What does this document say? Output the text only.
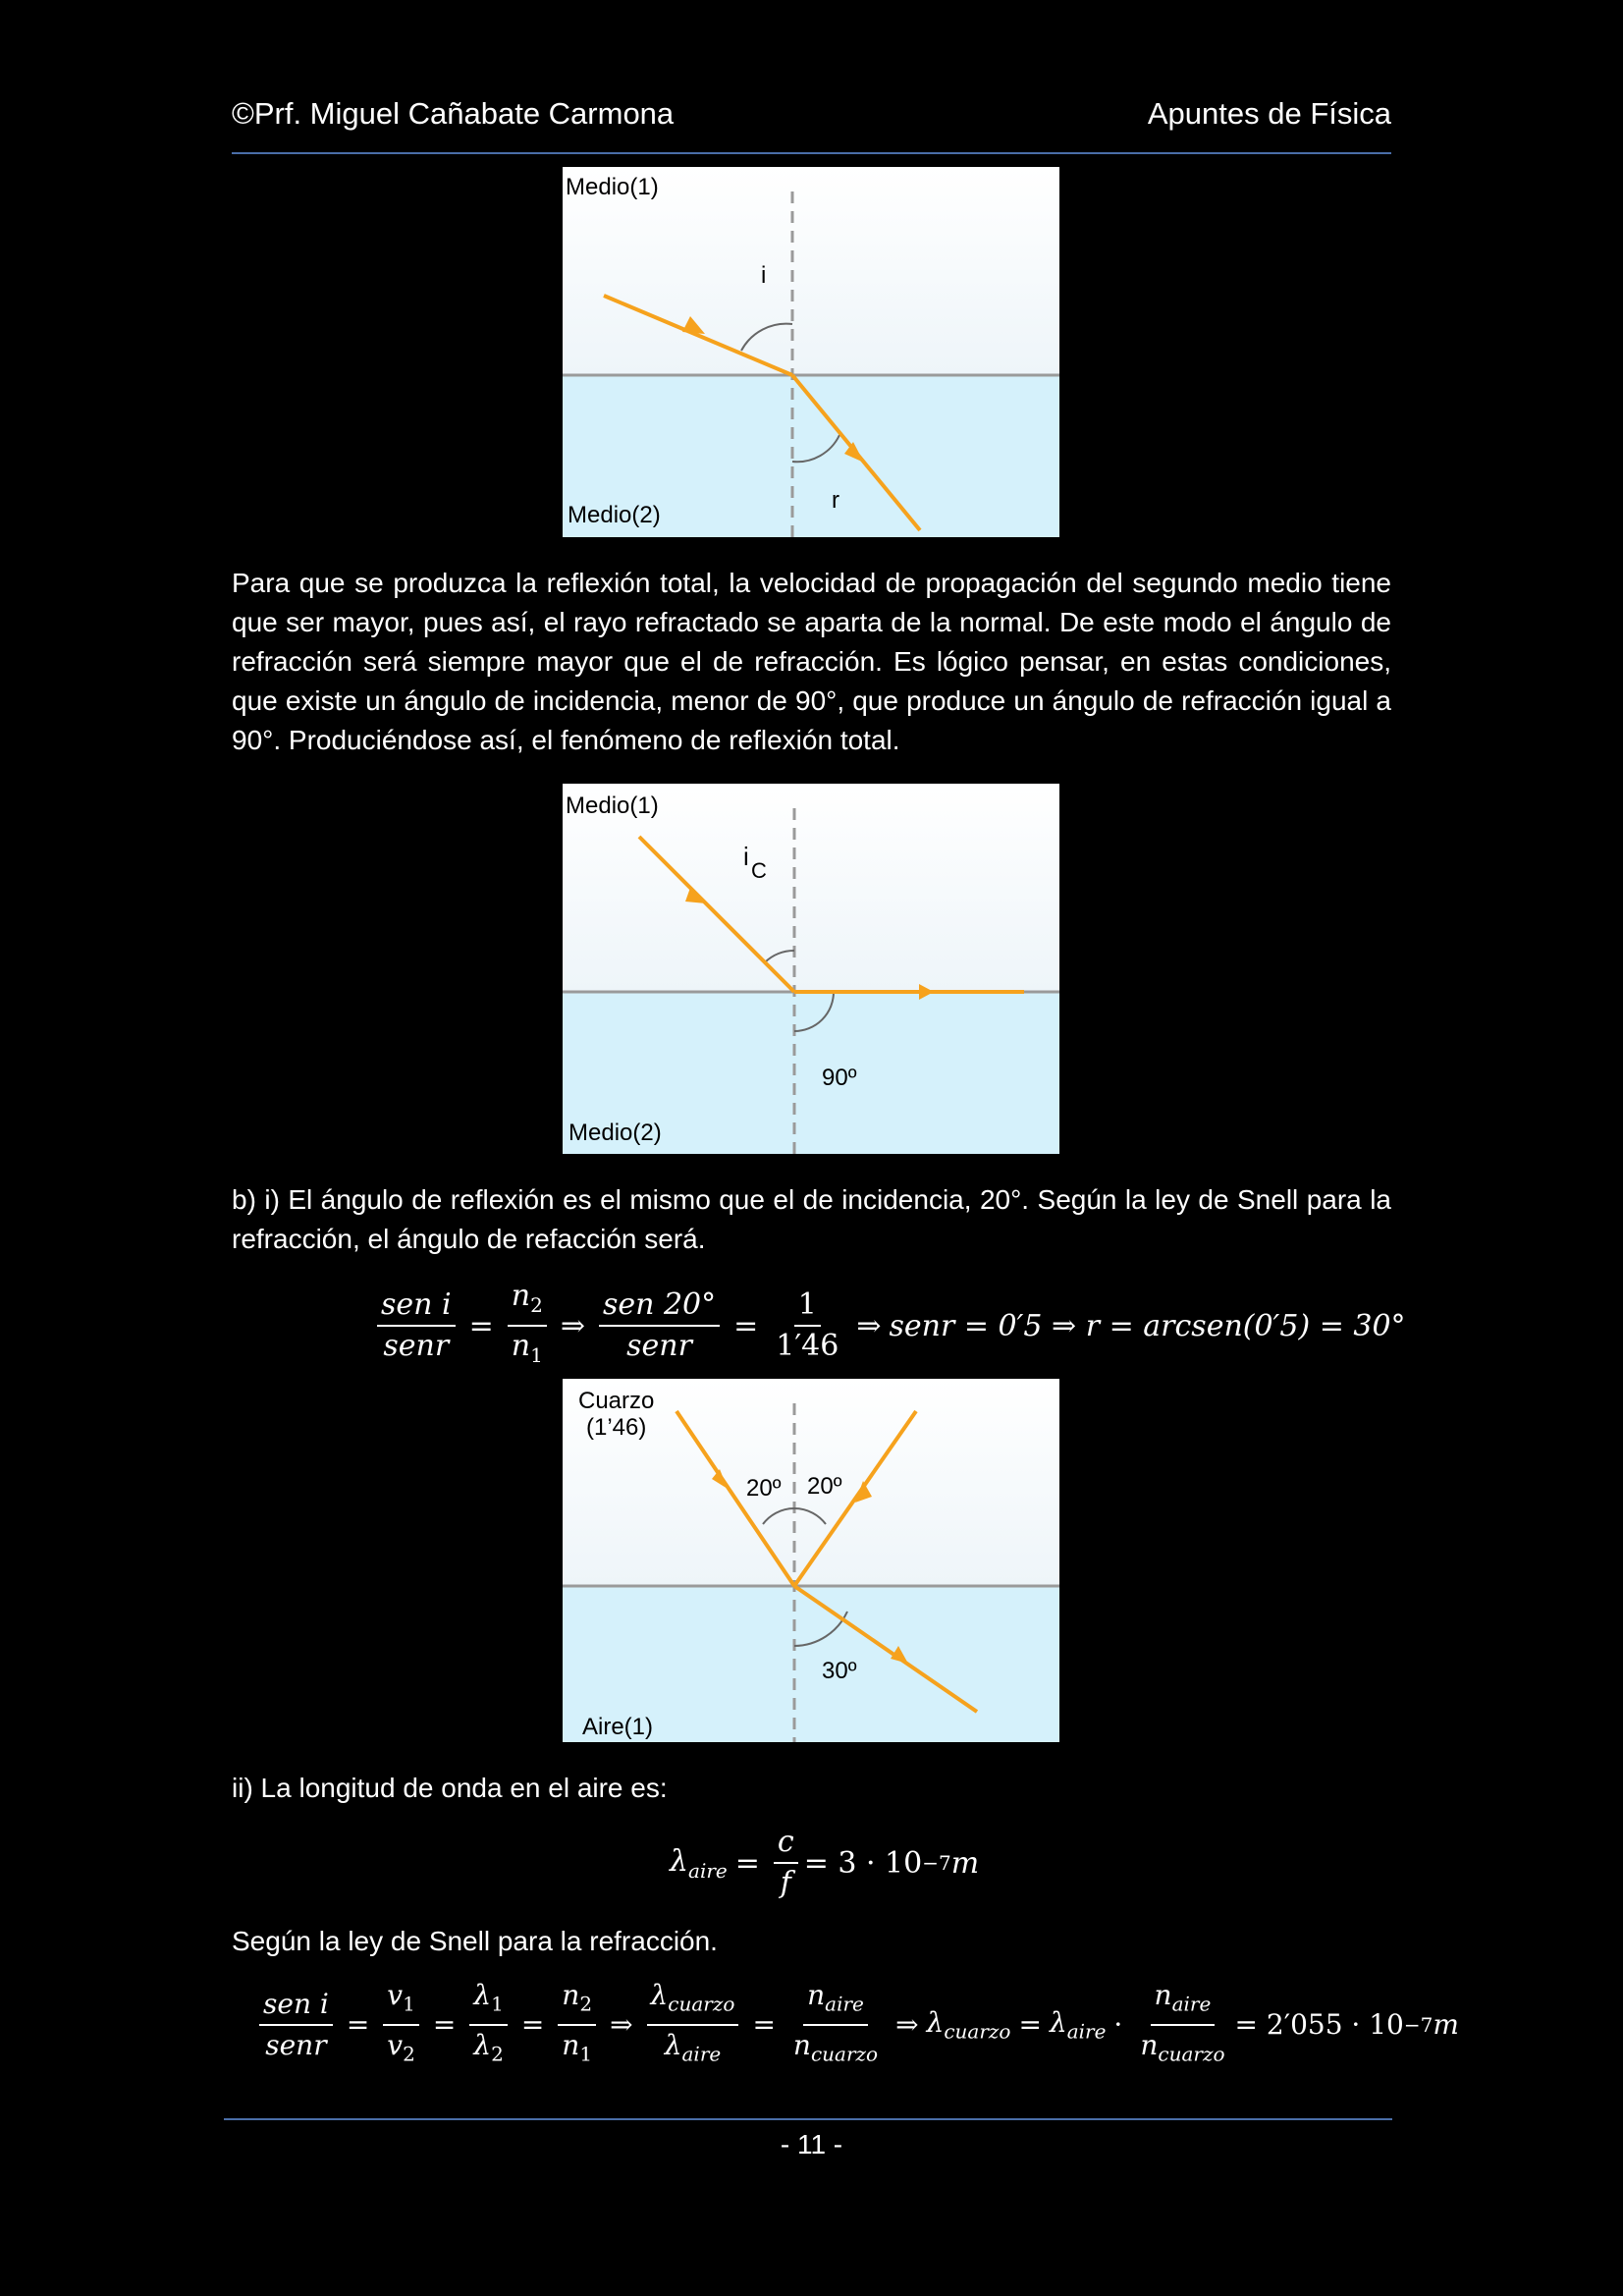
©Prf. Miguel Cañabate Carmona	Apuntes de Física
Medio(1)
Medio(2)
i
r
Para que se produzca la reflexión total, la velocidad de propagación del segundo medio tiene que ser mayor, pues así, el rayo refractado se aparta de la normal. De este modo el ángulo de refracción será siempre mayor que el de refracción. Es lógico pensar, en estas condiciones, que existe un ángulo de incidencia, menor de 90°, que produce un ángulo de refracción igual a 90°. Produciéndose así, el fenómeno de reflexión total.
Medio(1)
Medio(2)
i C
90º
b) i) El ángulo de reflexión es el mismo que el de incidencia, 20°. Según la ley de Snell para la refracción, el ángulo de refacción será.
$\frac{\text{sen i}}{\text{senr}} = \frac{n_2}{n_1}$ ⇒ $\frac{\text{sen 20°}}{\text{senr}} = \frac{1}{1'46}$ ⇒ senr = 0′5 ⇒ r = arcsen(0′5) = 30°
Cuarzo
(1’46)
Aire(1)
20º 20º
30º
ii) La longitud de onda en el aire es:
$\lambda_{aire} = \frac{c}{f} = 3 \cdot 10 -7$ m
Según la ley de Snell para la refracción.
$\frac{\text{sen i}}{\text{senr}} = \frac{v_1}{v_2} = \frac{\lambda_1}{\lambda_2} = \frac{n_2}{n_1}$ ⇒ $\frac{\lambda_{cuarzo}}{\lambda_{aire}} = \frac{n_{aire}}{n_{cuarzo}}$ ⇒ $\lambda_{cuarzo} = \lambda_{aire} \cdot \frac{n_{aire}}{n_{cuarzo}} = 2'055 \cdot 10 -7$ m
- 11 -
